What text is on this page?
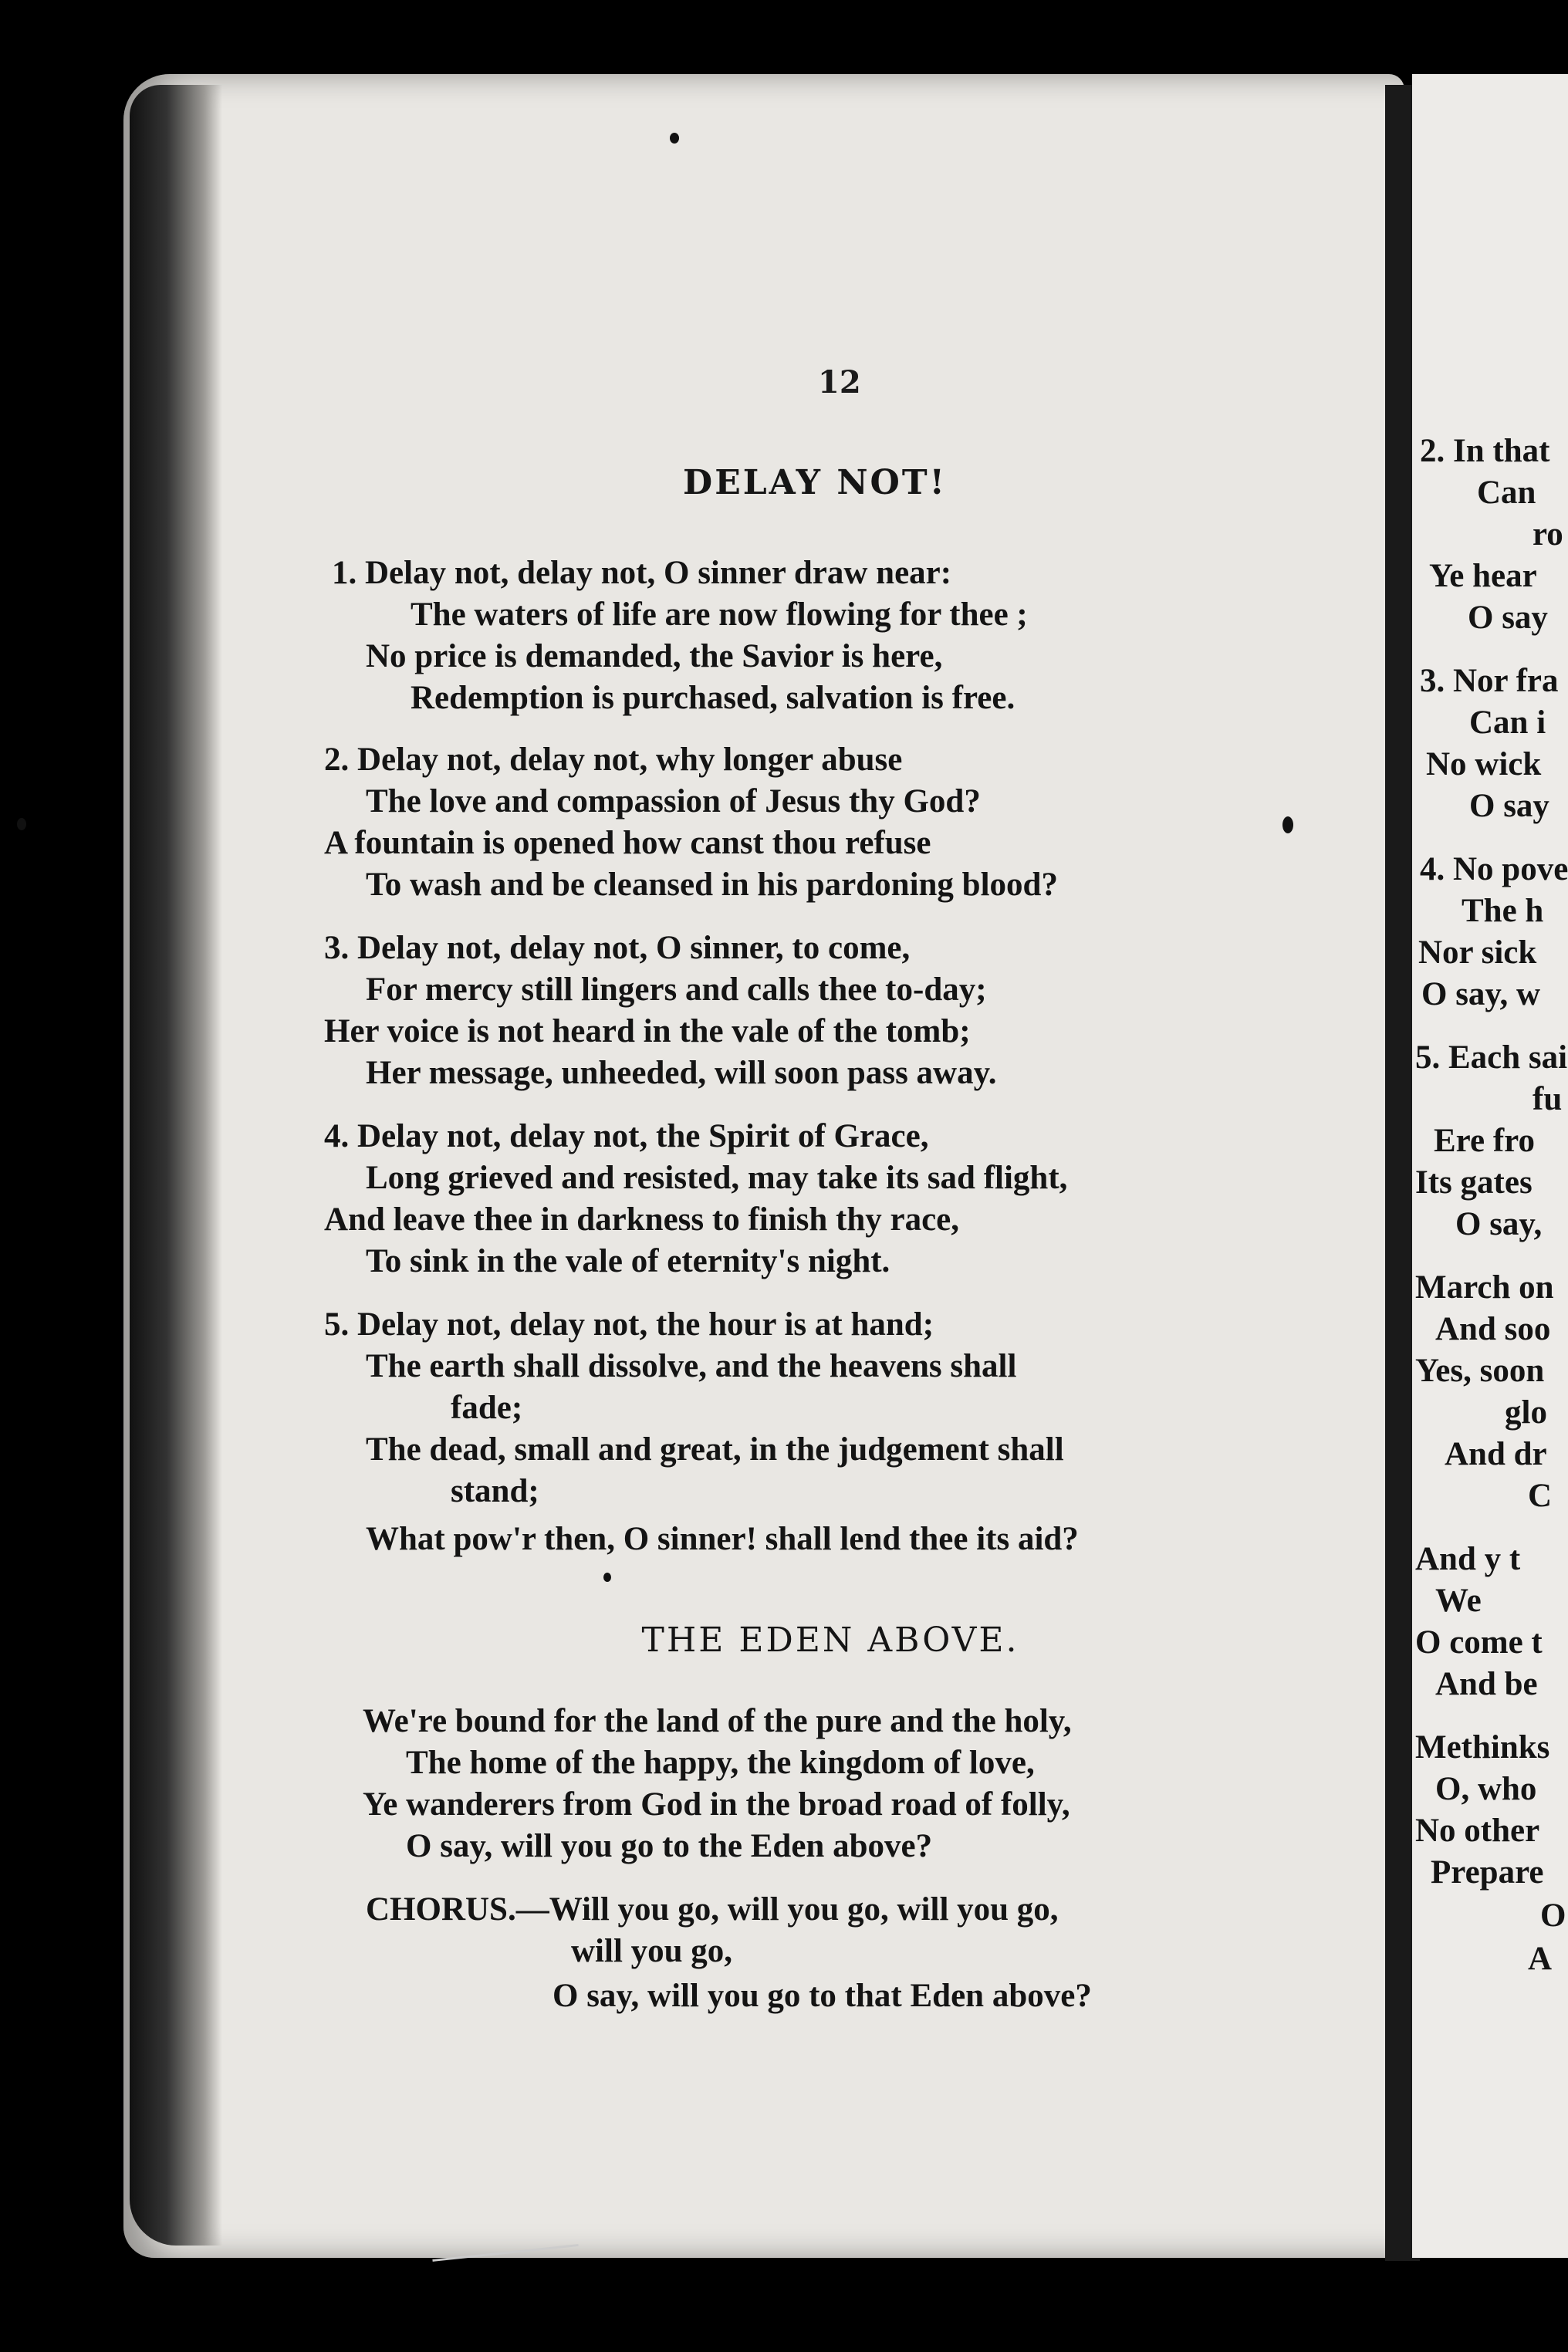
2. In that
Can
ro
Ye hear
O say
3. Nor fra
Can i
No wick
O say
4. No pove
The h
Nor sick
O say, w
5. Each sai
fu
Ere fro
Its gates
O say,
March on
And soo
Yes, soon
glo
And dr
C
And y t
We
O come t
And be
Methinks
O, who
No other
Prepare
O
A
12
DELAY NOT!
1. Delay not, delay not, O sinner draw near:
The waters of life are now flowing for thee ;
No price is demanded, the Savior is here,
Redemption is purchased, salvation is free.
2. Delay not, delay not, why longer abuse
The love and compassion of Jesus thy God?
A fountain is opened how canst thou refuse
To wash and be cleansed in his pardoning blood?
3. Delay not, delay not, O sinner, to come,
For mercy still lingers and calls thee to-day;
Her voice is not heard in the vale of the tomb;
Her message, unheeded, will soon pass away.
4. Delay not, delay not, the Spirit of Grace,
Long grieved and resisted, may take its sad flight,
And leave thee in darkness to finish thy race,
To sink in the vale of eternity's night.
5. Delay not, delay not, the hour is at hand;
The earth shall dissolve, and the heavens shall
fade;
The dead, small and great, in the judgement shall
stand;
What pow'r then, O sinner! shall lend thee its aid?
THE EDEN ABOVE.
We're bound for the land of the pure and the holy,
The home of the happy, the kingdom of love,
Ye wanderers from God in the broad road of folly,
O say, will you go to the Eden above?
CHORUS.—Will you go, will you go, will you go,
will you go,
O say, will you go to that Eden above?
